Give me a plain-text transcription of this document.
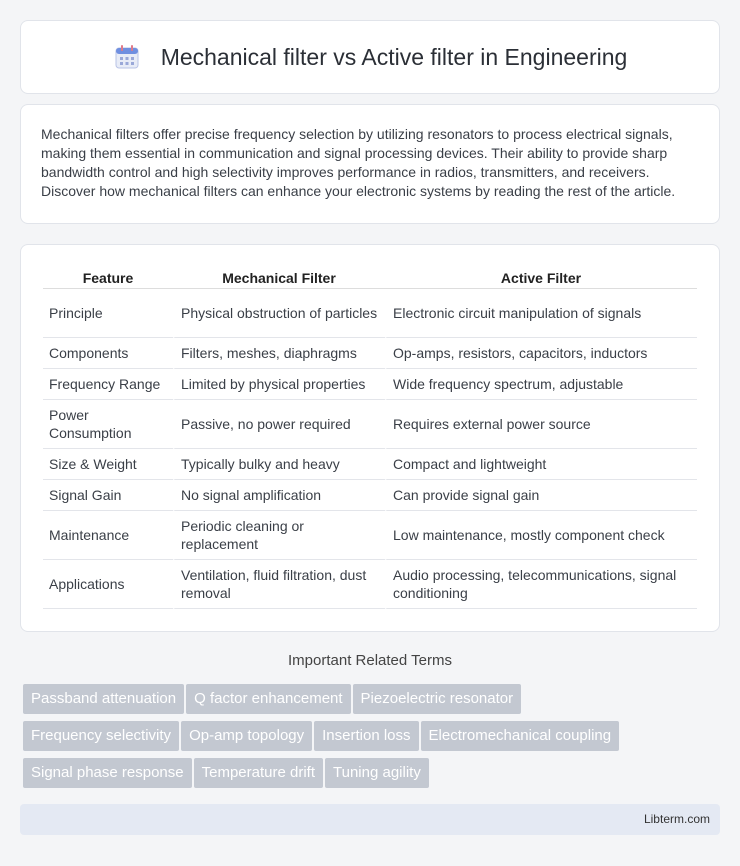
Mechanical filter vs Active filter in Engineering

Mechanical filters offer precise frequency selection by utilizing resonators to process electrical signals, making them essential in communication and signal processing devices. Their ability to provide sharp bandwidth control and high selectivity improves performance in radios, transmitters, and receivers. Discover how mechanical filters can enhance your electronic systems by reading the rest of the article.

Feature	Mechanical Filter	Active Filter
Principle	Physical obstruction of particles	Electronic circuit manipulation of signals
Components	Filters, meshes, diaphragms	Op-amps, resistors, capacitors, inductors
Frequency Range	Limited by physical properties	Wide frequency spectrum, adjustable
Power Consumption	Passive, no power required	Requires external power source
Size & Weight	Typically bulky and heavy	Compact and lightweight
Signal Gain	No signal amplification	Can provide signal gain
Maintenance	Periodic cleaning or replacement	Low maintenance, mostly component check
Applications	Ventilation, fluid filtration, dust removal	Audio processing, telecommunications, signal conditioning
Important Related Terms
Passband attenuation Q factor enhancement Piezoelectric resonator
Frequency selectivity Op-amp topology Insertion loss Electromechanical coupling
Signal phase response Temperature drift Tuning agility
Libterm.com
